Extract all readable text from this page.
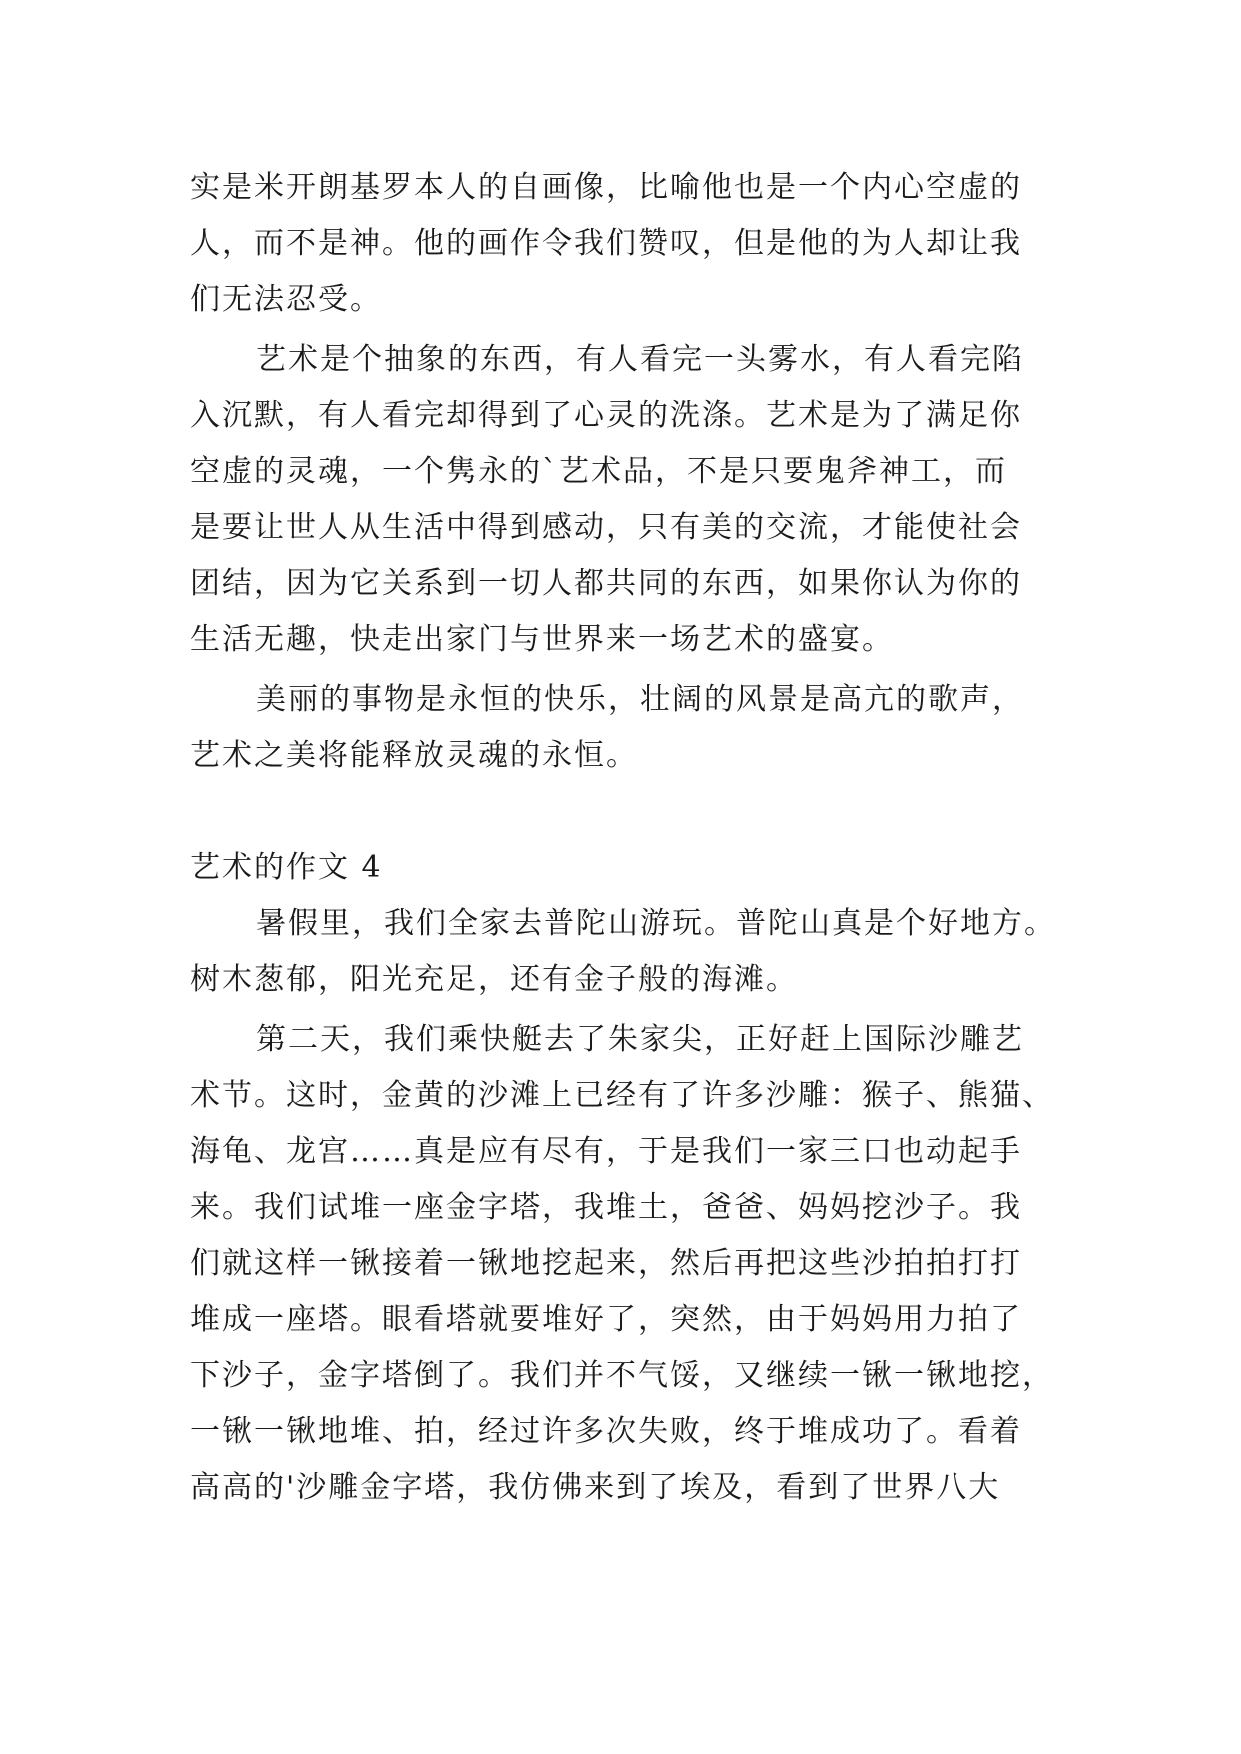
实是米开朗基罗本人的自画像，比喻他也是一个内心空虚的
人，而不是神。他的画作令我们赞叹，但是他的为人却让我
们无法忍受。
艺术是个抽象的东西，有人看完一头雾水，有人看完陷
入沉默，有人看完却得到了心灵的洗涤。艺术是为了满足你
空虚的灵魂，一个隽永的`艺术品，不是只要鬼斧神工，而
是要让世人从生活中得到感动，只有美的交流，才能使社会
团结，因为它关系到一切人都共同的东西，如果你认为你的
生活无趣，快走出家门与世界来一场艺术的盛宴。
美丽的事物是永恒的快乐，壮阔的风景是高亢的歌声，
艺术之美将能释放灵魂的永恒。
艺术的作文 4
暑假里，我们全家去普陀山游玩。普陀山真是个好地方。
树木葱郁，阳光充足，还有金子般的海滩。
第二天，我们乘快艇去了朱家尖，正好赶上国际沙雕艺
术节。这时，金黄的沙滩上已经有了许多沙雕：猴子、熊猫、
海龟、龙宫……真是应有尽有，于是我们一家三口也动起手
来。我们试堆一座金字塔，我堆土，爸爸、妈妈挖沙子。我
们就这样一锹接着一锹地挖起来，然后再把这些沙拍拍打打
堆成一座塔。眼看塔就要堆好了，突然，由于妈妈用力拍了
下沙子，金字塔倒了。我们并不气馁，又继续一锹一锹地挖，
一锹一锹地堆、拍，经过许多次失败，终于堆成功了。看着
高高的'沙雕金字塔，我仿佛来到了埃及，看到了世界八大
